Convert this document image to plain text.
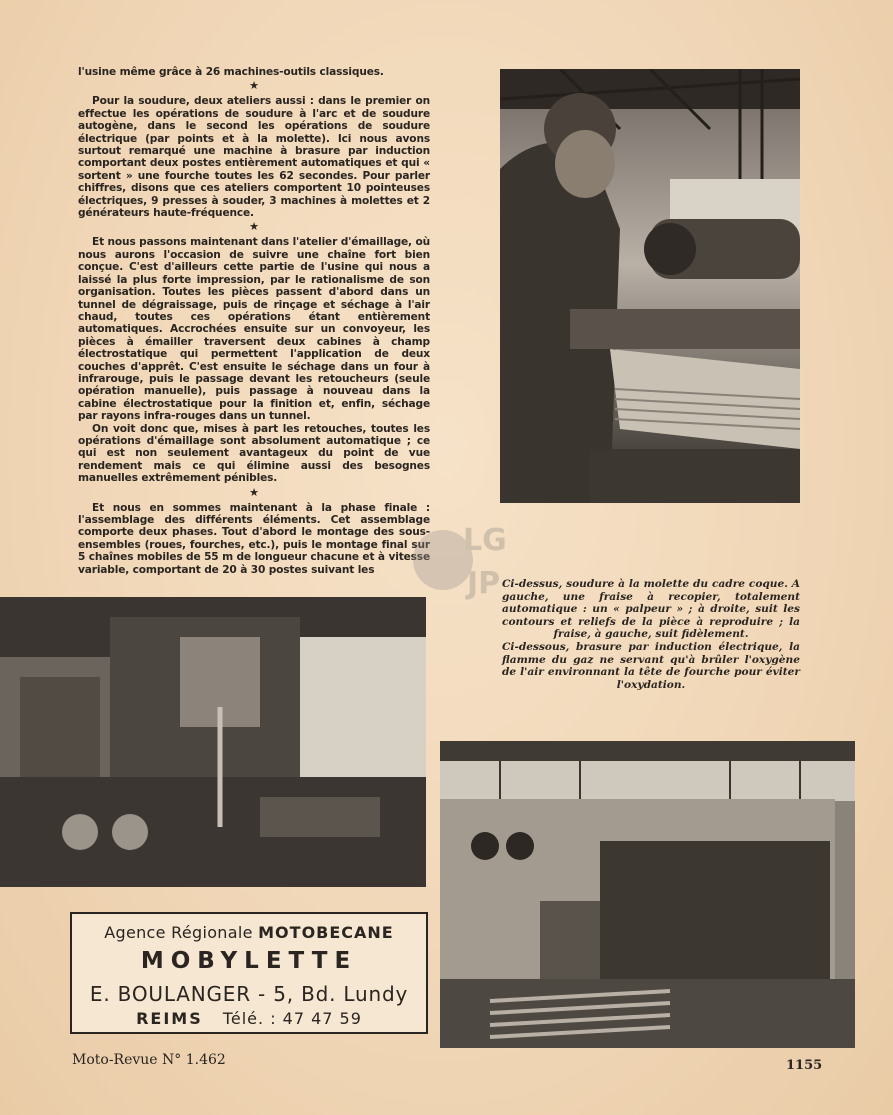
l'usine même grâce à 26 machines-outils classiques.

★

Pour la soudure, deux ateliers aussi : dans le premier on effectue les opérations de soudure à l'arc et de soudure autogène, dans le second les opérations de soudure électrique (par points et à la molette). Ici nous avons surtout remarqué une machine à brasure par induction comportant deux postes entièrement automatiques et qui « sortent » une fourche toutes les 62 secondes. Pour parler chiffres, disons que ces ateliers comportent 10 pointeuses électriques, 9 presses à souder, 3 machines à molettes et 2 générateurs haute-fréquence.

★

Et nous passons maintenant dans l'atelier d'émaillage, où nous aurons l'occasion de suivre une chaîne fort bien conçue. C'est d'ailleurs cette partie de l'usine qui nous a laissé la plus forte impression, par le rationalisme de son organisation. Toutes les pièces passent d'abord dans un tunnel de dégraissage, puis de rinçage et séchage à l'air chaud, toutes ces opérations étant entièrement automatiques. Accrochées ensuite sur un convoyeur, les pièces à émailler traversent deux cabines à champ électrostatique qui permettent l'application de deux couches d'apprêt. C'est ensuite le séchage dans un four à infrarouge, puis le passage devant les retoucheurs (seule opération manuelle), puis passage à nouveau dans la cabine électrostatique pour la finition et, enfin, séchage par rayons infra-rouges dans un tunnel.

On voit donc que, mises à part les retouches, toutes les opérations d'émaillage sont absolument automatique ; ce qui est non seulement avantageux du point de vue rendement mais ce qui élimine aussi des besognes manuelles extrêmement pénibles.

★

Et nous en sommes maintenant à la phase finale : l'assemblage des différents éléments. Cet assemblage comporte deux phases. Tout d'abord le montage des sous-ensembles (roues, fourches, etc.), puis le montage final sur 5 chaînes mobiles de 55 m de longueur chacune et à vitesse variable, comportant de 20 à 30 postes suivant les

LG
JP Ci-dessus, soudure à la molette du cadre coque. A gauche, une fraise à recopier, totalement automatique : un « palpeur » ; à droite, suit les contours et reliefs de la pièce à reproduire ; la fraise, à gauche, suit fidèlement.

Ci-dessous, brasure par induction électrique, la flamme du gaz ne servant qu'à brûler l'oxygène de l'air environnant la tête de fourche pour éviter l'oxydation.

Agence Régionale MOTOBECANE
MOBYLETTE
E. BOULANGER - 5, Bd. Lundy
REIMS Télé. : 47 47 59
Moto-Revue N° 1.462	1155
